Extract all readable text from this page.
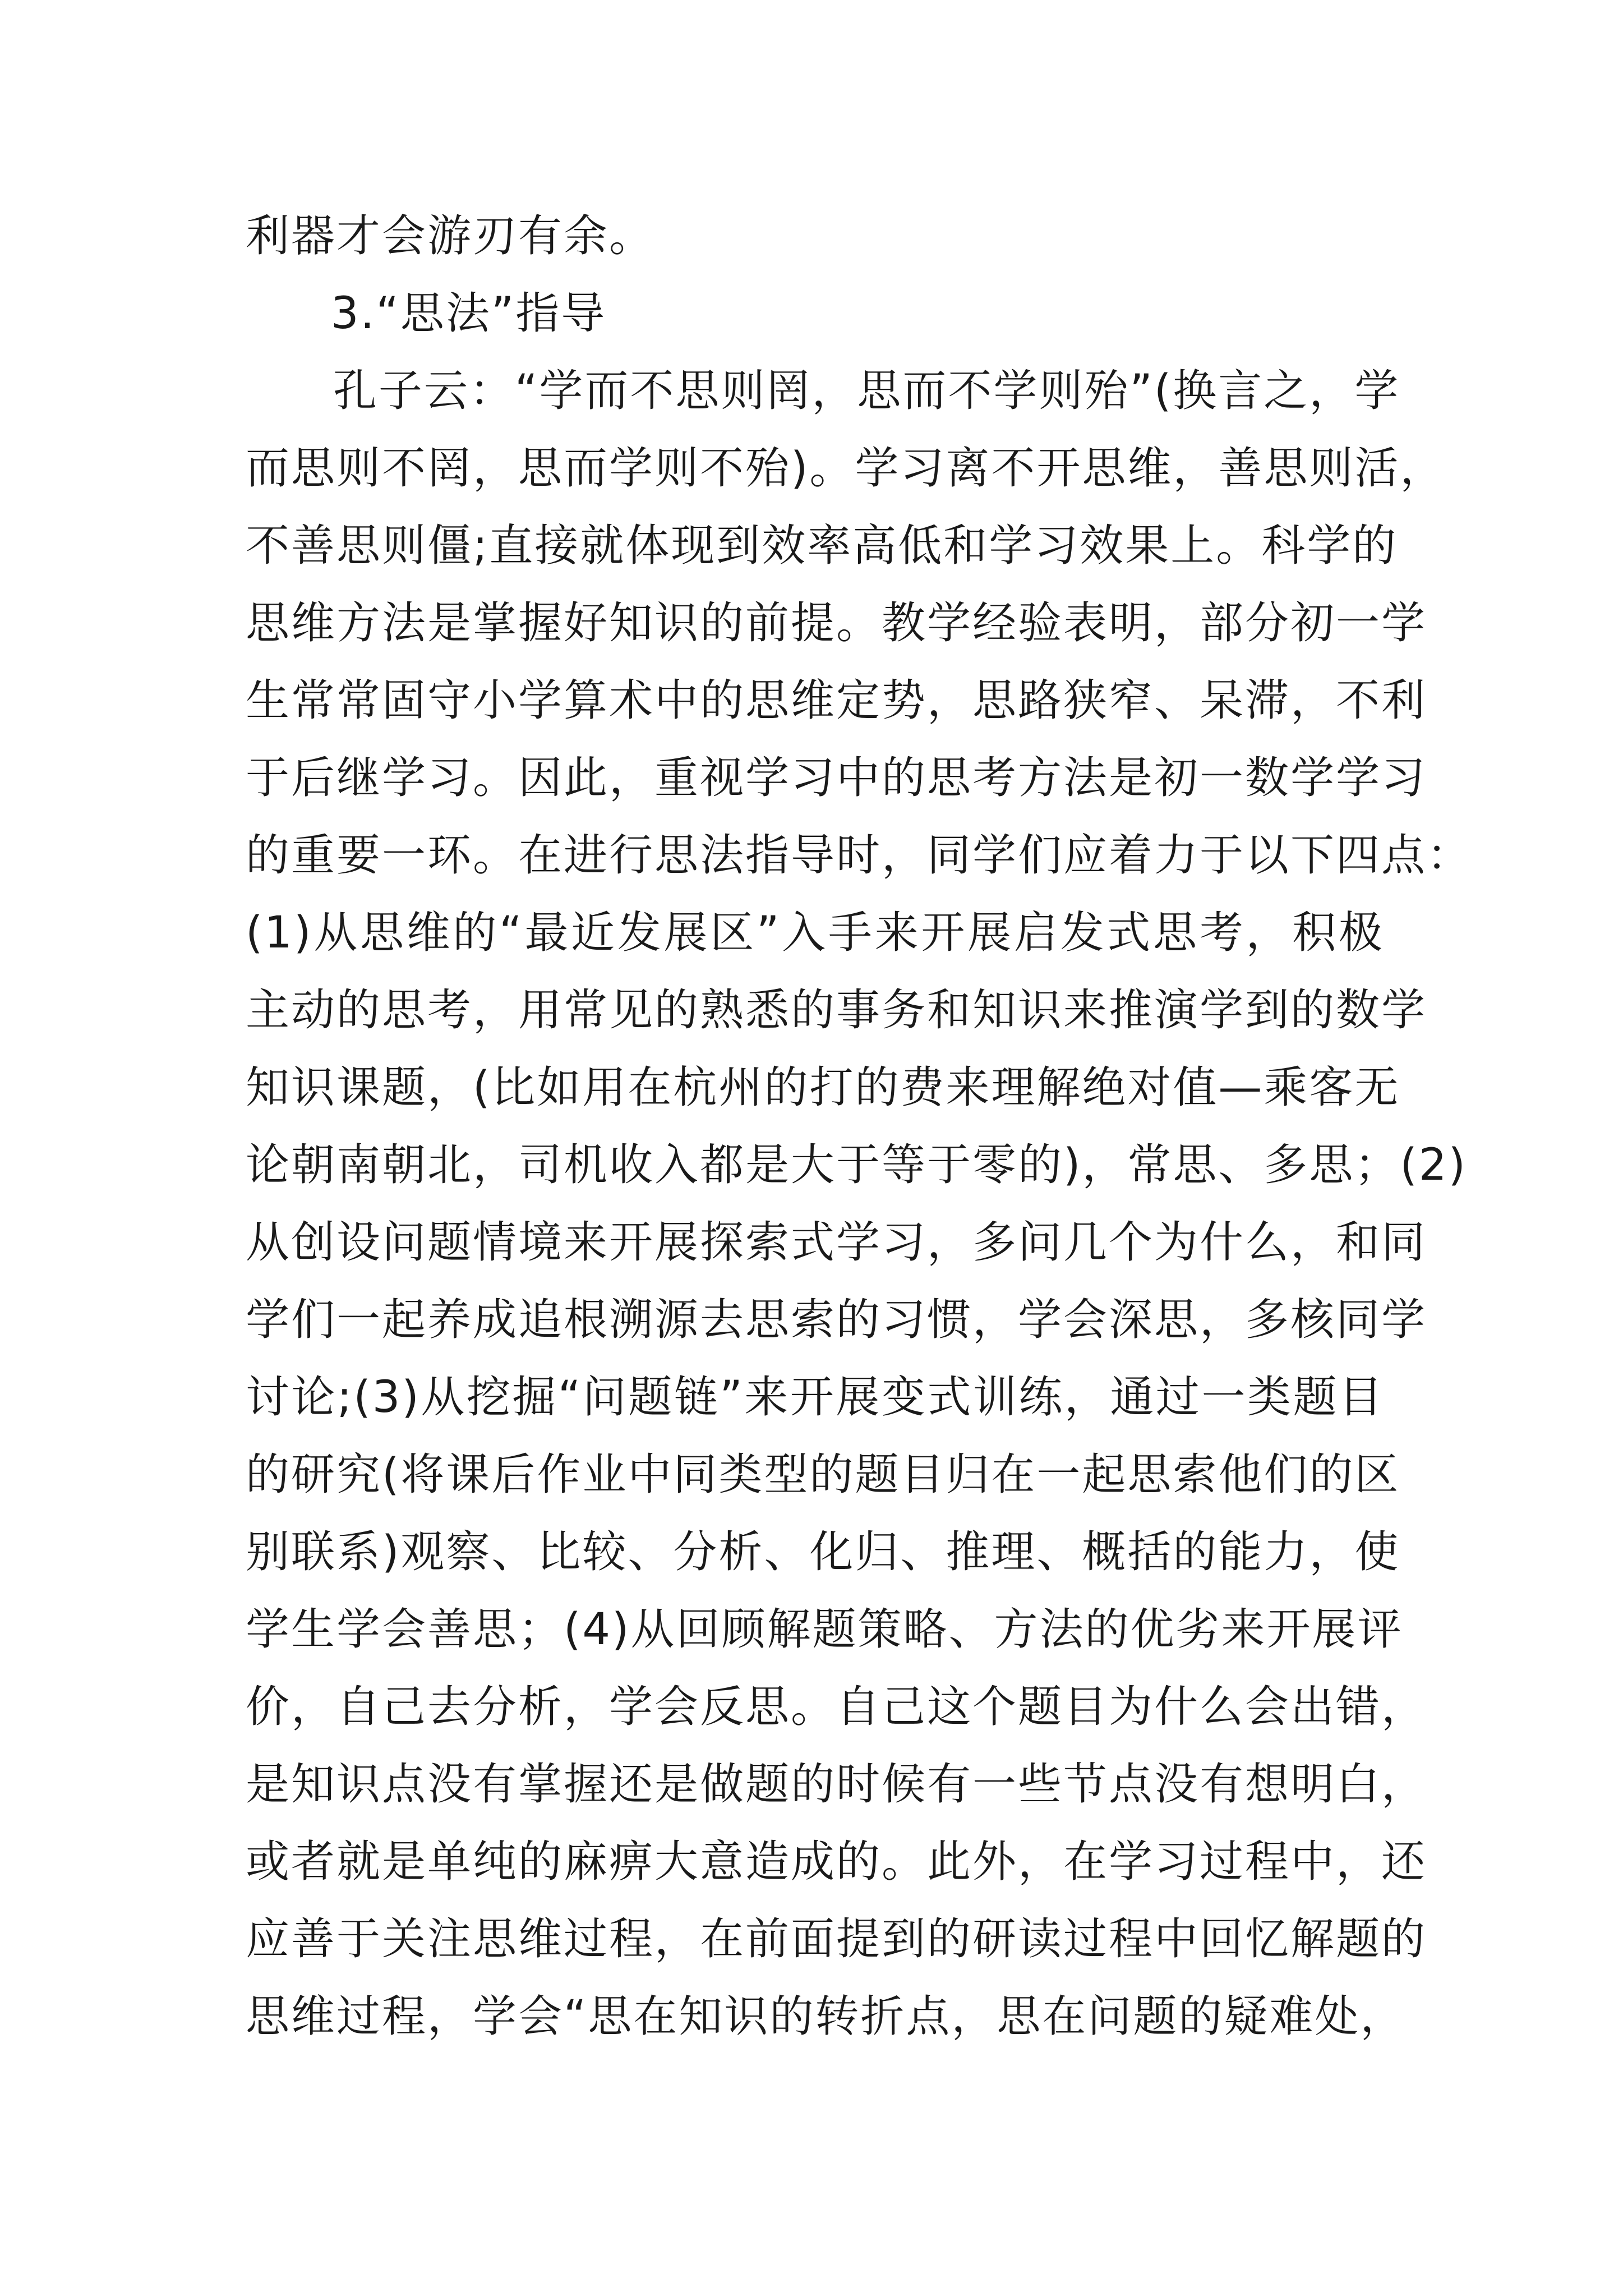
利器才会游刃有余。
3.“思法”指导
孔子云：“学而不思则罔，思而不学则殆”(换言之，学
而思则不罔，思而学则不殆)。学习离不开思维，善思则活，
不善思则僵;直接就体现到效率高低和学习效果上。科学的
思维方法是掌握好知识的前提。教学经验表明，部分初一学
生常常固守小学算术中的思维定势，思路狭窄、呆滞，不利
于后继学习。因此，重视学习中的思考方法是初一数学学习
的重要一环。在进行思法指导时，同学们应着力于以下四点：
(1)从思维的“最近发展区”入手来开展启发式思考，积极
主动的思考，用常见的熟悉的事务和知识来推演学到的数学
知识课题，(比如用在杭州的打的费来理解绝对值—乘客无
论朝南朝北，司机收入都是大于等于零的)，常思、多思；(2)
从创设问题情境来开展探索式学习，多问几个为什么，和同
学们一起养成追根溯源去思索的习惯，学会深思，多核同学
讨论;(3)从挖掘“问题链”来开展变式训练，通过一类题目
的研究(将课后作业中同类型的题目归在一起思索他们的区
别联系)观察、比较、分析、化归、推理、概括的能力，使
学生学会善思；(4)从回顾解题策略、方法的优劣来开展评
价，自己去分析，学会反思。自己这个题目为什么会出错，
是知识点没有掌握还是做题的时候有一些节点没有想明白，
或者就是单纯的麻痹大意造成的。此外，在学习过程中，还
应善于关注思维过程，在前面提到的研读过程中回忆解题的
思维过程，学会“思在知识的转折点，思在问题的疑难处，
